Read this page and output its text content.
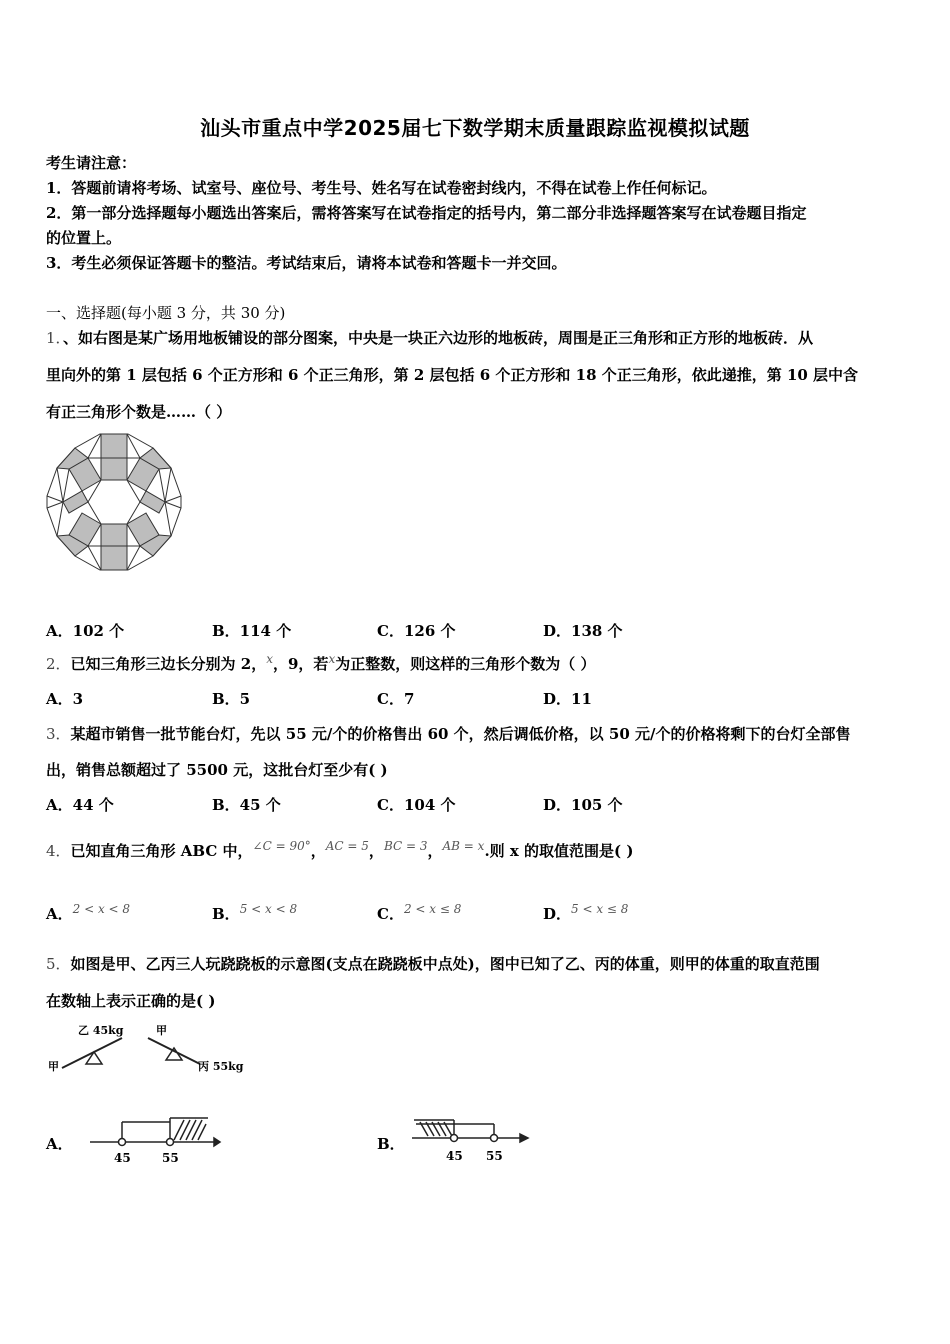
汕头市重点中学2025届七下数学期末质量跟踪监视模拟试题
考生请注意：
1．答题前请将考场、试室号、座位号、考生号、姓名写在试卷密封线内，不得在试卷上作任何标记。
2．第一部分选择题每小题选出答案后，需将答案写在试卷指定的括号内，第二部分非选择题答案写在试卷题目指定
的位置上。
3．考生必须保证答题卡的整洁。考试结束后，请将本试卷和答题卡一并交回。
一、选择题(每小题 3 分，共 30 分)
1．、如右图是某广场用地板铺设的部分图案，中央是一块正六边形的地板砖，周围是正三角形和正方形的地板砖．从
里向外的第 1 层包括 6 个正方形和 6 个正三角形，第 2 层包括 6 个正方形和 18 个正三角形，依此递推，第 10 层中含
有正三角形个数是……（ ）
A．102 个	B．114 个	C．126 个	D．138 个
2．已知三角形三边长分别为 2，$^x$，9，若$^x$为正整数，则这样的三角形个数为（ ）
A．3	B．5	C．7	D．11
3．某超市销售一批节能台灯，先以 55 元/个的价格售出 60 个，然后调低价格，以 50 元/个的价格将剩下的台灯全部售
出，销售总额超过了 5500 元，这批台灯至少有( )
A．44 个	B．45 个	C．104 个	D．105 个
4．已知直角三角形 ABC 中，$^{\angle C = 90^\circ}$，$^{AC = 5}$，$^{BC = 3}$，$^{AB = x}$.则 x 的取值范围是( )
A．$^{2 < x < 8}$	B．$^{5 < x < 8}$	C．$^{2 < x \le 8}$	D．$^{5 < x \le 8}$
5．如图是甲、乙丙三人玩跷跷板的示意图(支点在跷跷板中点处)，图中已知了乙、丙的体重，则甲的体重的取直范围
在数轴上表示正确的是( )
甲
乙 45kg	甲
丙 55kg
A．
45	55
B．
45 55
